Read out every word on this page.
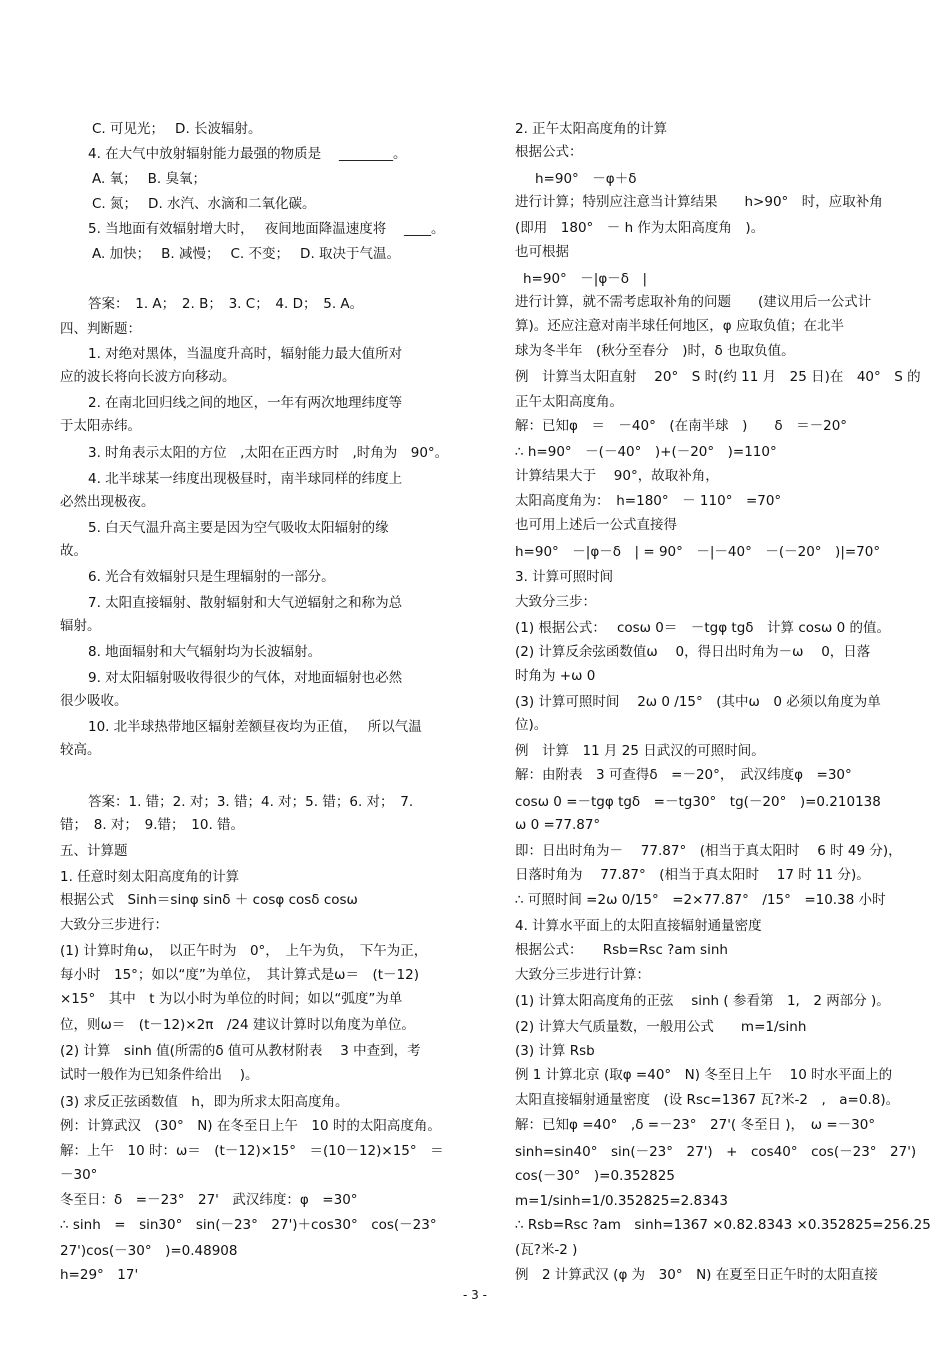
C. 可见光；　 D. 长波辐射。
4. 在大气中放射辐射能力最强的物质是　 ________。
A. 氧；　 B. 臭氧；
C. 氮；　 D. 水汽、水滴和二氧化碳。
5. 当地面有效辐射增大时，　 夜间地面降温速度将　 ____。
A. 加快；　 B. 减慢；　 C. 不变；　 D. 取决于气温。
答案：　1. A；　2. B；　3. C；　4. D；　5. A。
四、判断题：
1. 对绝对黑体，当温度升高时，辐射能力最大值所对
应的波长将向长波方向移动。
2. 在南北回归线之间的地区，一年有两次地理纬度等
于太阳赤纬。
3. 时角表示太阳的方位　,太阳在正西方时　,时角为　90°。
4. 北半球某一纬度出现极昼时，南半球同样的纬度上
必然出现极夜。
5. 白天气温升高主要是因为空气吸收太阳辐射的缘
故。
6. 光合有效辐射只是生理辐射的一部分。
7. 太阳直接辐射、散射辐射和大气逆辐射之和称为总
辐射。
8. 地面辐射和大气辐射均为长波辐射。
9. 对太阳辐射吸收得很少的气体，对地面辐射也必然
很少吸收。
10. 北半球热带地区辐射差额昼夜均为正值，　 所以气温
较高。
答案：1. 错；2. 对；3. 错；4. 对；5. 错；6. 对；　7.
错；　8. 对；　9.错；　10. 错。
五、计算题
1. 任意时刻太阳高度角的计算
根据公式　Sinh＝sinφ sinδ ＋ cosφ cosδ cosω
大致分三步进行：
(1) 计算时角ω，　以正午时为　0°，　上午为负，　下午为正，
每小时　15°；如以“度”为单位，　其计算式是ω＝　(t－12)
×15°　其中　t 为以小时为单位的时间；如以“弧度”为单
位，则ω＝　(t－12)×2π　/24 建议计算时以角度为单位。
(2) 计算　sinh 值(所需的δ 值可从教材附表　 3 中查到，考
试时一般作为已知条件给出　 )。
(3) 求反正弦函数值　h，即为所求太阳高度角。
例：计算武汉　(30°　N) 在冬至日上午　10 时的太阳高度角。
解：上午　10 时：ω＝　(t－12)×15°　＝(10－12)×15°　＝
－30°
冬至日：δ　=－23°　27'　武汉纬度：φ　=30°
∴ sinh　=　sin30°　sin(－23°　27')＋cos30°　cos(－23°
27')cos(－30°　)=0.48908
h=29°　17'
2. 正午太阳高度角的计算
根据公式：
h=90°　－φ＋δ
进行计算；特别应注意当计算结果　　h>90°　时，应取补角
(即用　180°　－ h 作为太阳高度角　)。
也可根据
h=90°　－|φ－δ　|
进行计算，就不需考虑取补角的问题　　(建议用后一公式计
算)。还应注意对南半球任何地区，φ 应取负值；在北半
球为冬半年　(秋分至春分　)时，δ 也取负值。
例　计算当太阳直射　 20°　S 时(约 11 月　25 日)在　40°　S 的
正午太阳高度角。
解：已知φ　＝　－40°　(在南半球　)　　δ　＝－20°
∴ h=90°　－(－40°　)+(－20°　)=110°
计算结果大于　 90°，故取补角，
太阳高度角为：　h=180°　－ 110°　=70°
也可用上述后一公式直接得
h=90°　－|φ－δ　| = 90°　－|－40°　－(－20°　)|=70°
3. 计算可照时间
大致分三步：
(1) 根据公式：　 cosω 0＝　－tgφ tgδ　计算 cosω 0 的值。
(2) 计算反余弦函数值ω　 0，得日出时角为－ω　 0，日落
时角为 +ω 0
(3) 计算可照时间　 2ω 0 /15°　(其中ω　0 必须以角度为单
位)。
例　计算　11 月 25 日武汉的可照时间。
解：由附表　3 可查得δ　=－20°，　武汉纬度φ　=30°
cosω 0 =－tgφ tgδ　=－tg30°　tg(－20°　)=0.210138
ω 0 =77.87°
即：日出时角为－　 77.87°　(相当于真太阳时　 6 时 49 分)，
日落时角为　 77.87°　(相当于真太阳时　 17 时 11 分)。
∴ 可照时间 =2ω 0/15°　=2×77.87°　/15°　=10.38 小时
4. 计算水平面上的太阳直接辐射通量密度
根据公式：　　Rsb=Rsc ?am sinh
大致分三步进行计算：
(1) 计算太阳高度角的正弦　 sinh ( 参看第　1,　2 两部分 )。
(2) 计算大气质量数，一般用公式　　m=1/sinh
(3) 计算 Rsb
例 1 计算北京 (取φ =40°　N) 冬至日上午　 10 时水平面上的
太阳直接辐射通量密度　(设 Rsc=1367 瓦?米-2　,　a=0.8)。
解：已知φ =40°　,δ =－23°　27'( 冬至日 )，　ω =－30°
sinh=sin40°　sin(－23°　27')　+　cos40°　cos(－23°　27')
cos(－30°　)=0.352825
m=1/sinh=1/0.352825=2.8343
∴ Rsb=Rsc ?am　sinh=1367 ×0.82.8343 ×0.352825=256.25
(瓦?米-2 )
例　2 计算武汉 (φ 为　30°　N) 在夏至日正午时的太阳直接
- 3 -
